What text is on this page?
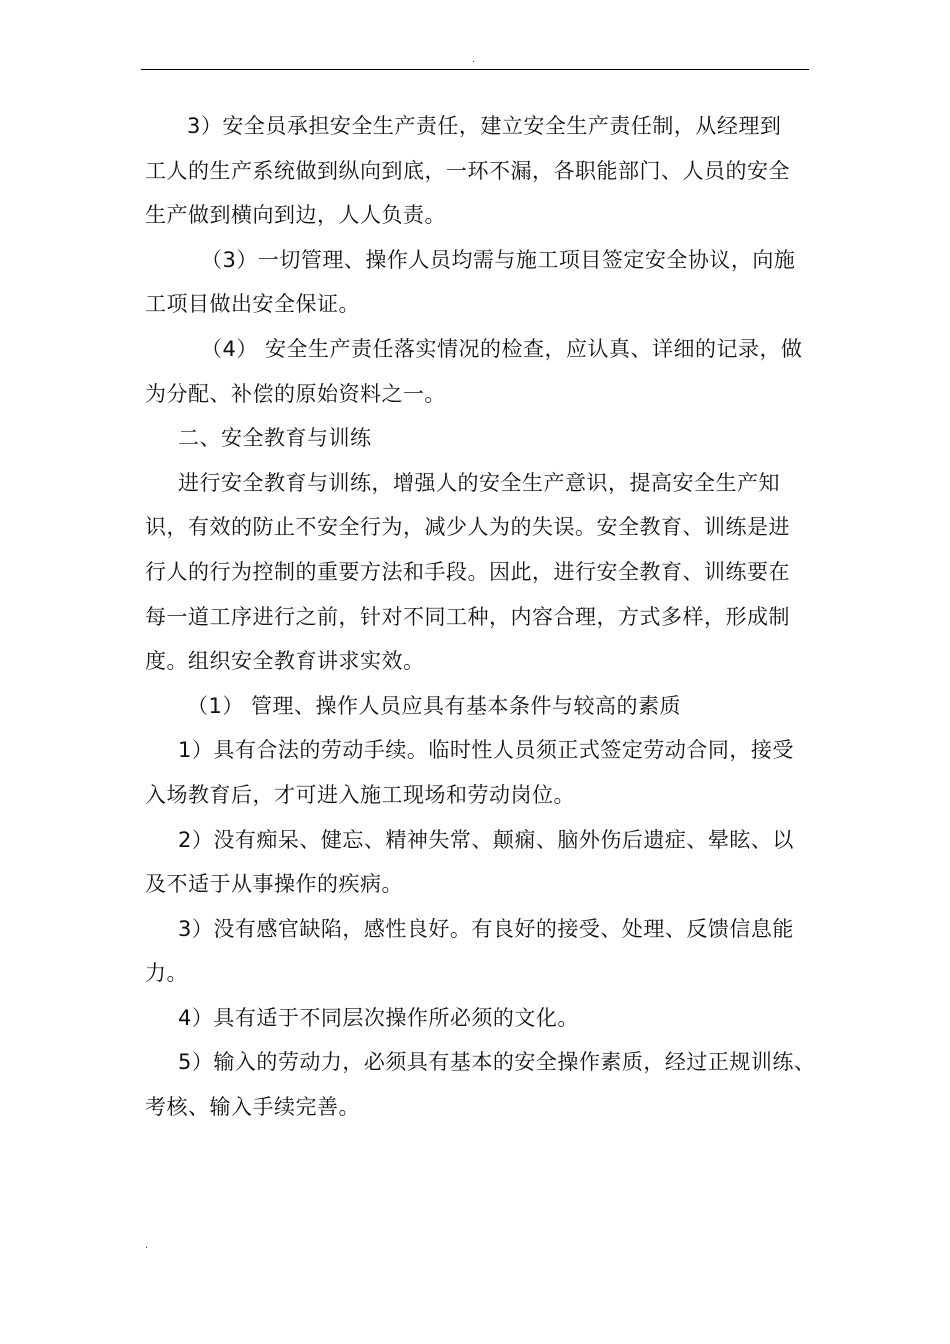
.

3）安全员承担安全生产责任，建立安全生产责任制，从经理到

工人的生产系统做到纵向到底，一环不漏，各职能部门、人员的安全

生产做到横向到边，人人负责。

（3）一切管理、操作人员均需与施工项目签定安全协议，向施

工项目做出安全保证。

（4） 安全生产责任落实情况的检查，应认真、详细的记录，做

为分配、补偿的原始资料之一。

二、安全教育与训练

进行安全教育与训练，增强人的安全生产意识，提高安全生产知

识，有效的防止不安全行为，减少人为的失误。安全教育、训练是进

行人的行为控制的重要方法和手段。因此，进行安全教育、训练要在

每一道工序进行之前，针对不同工种，内容合理，方式多样，形成制

度。组织安全教育讲求实效。

（1） 管理、操作人员应具有基本条件与较高的素质

1）具有合法的劳动手续。临时性人员须正式签定劳动合同，接受

入场教育后，才可进入施工现场和劳动岗位。

2）没有痴呆、健忘、精神失常、颠痫、脑外伤后遗症、晕眩、以

及不适于从事操作的疾病。

3）没有感官缺陷，感性良好。有良好的接受、处理、反馈信息能

力。

4）具有适于不同层次操作所必须的文化。

5）输入的劳动力，必须具有基本的安全操作素质，经过正规训练、

考核、输入手续完善。

.
